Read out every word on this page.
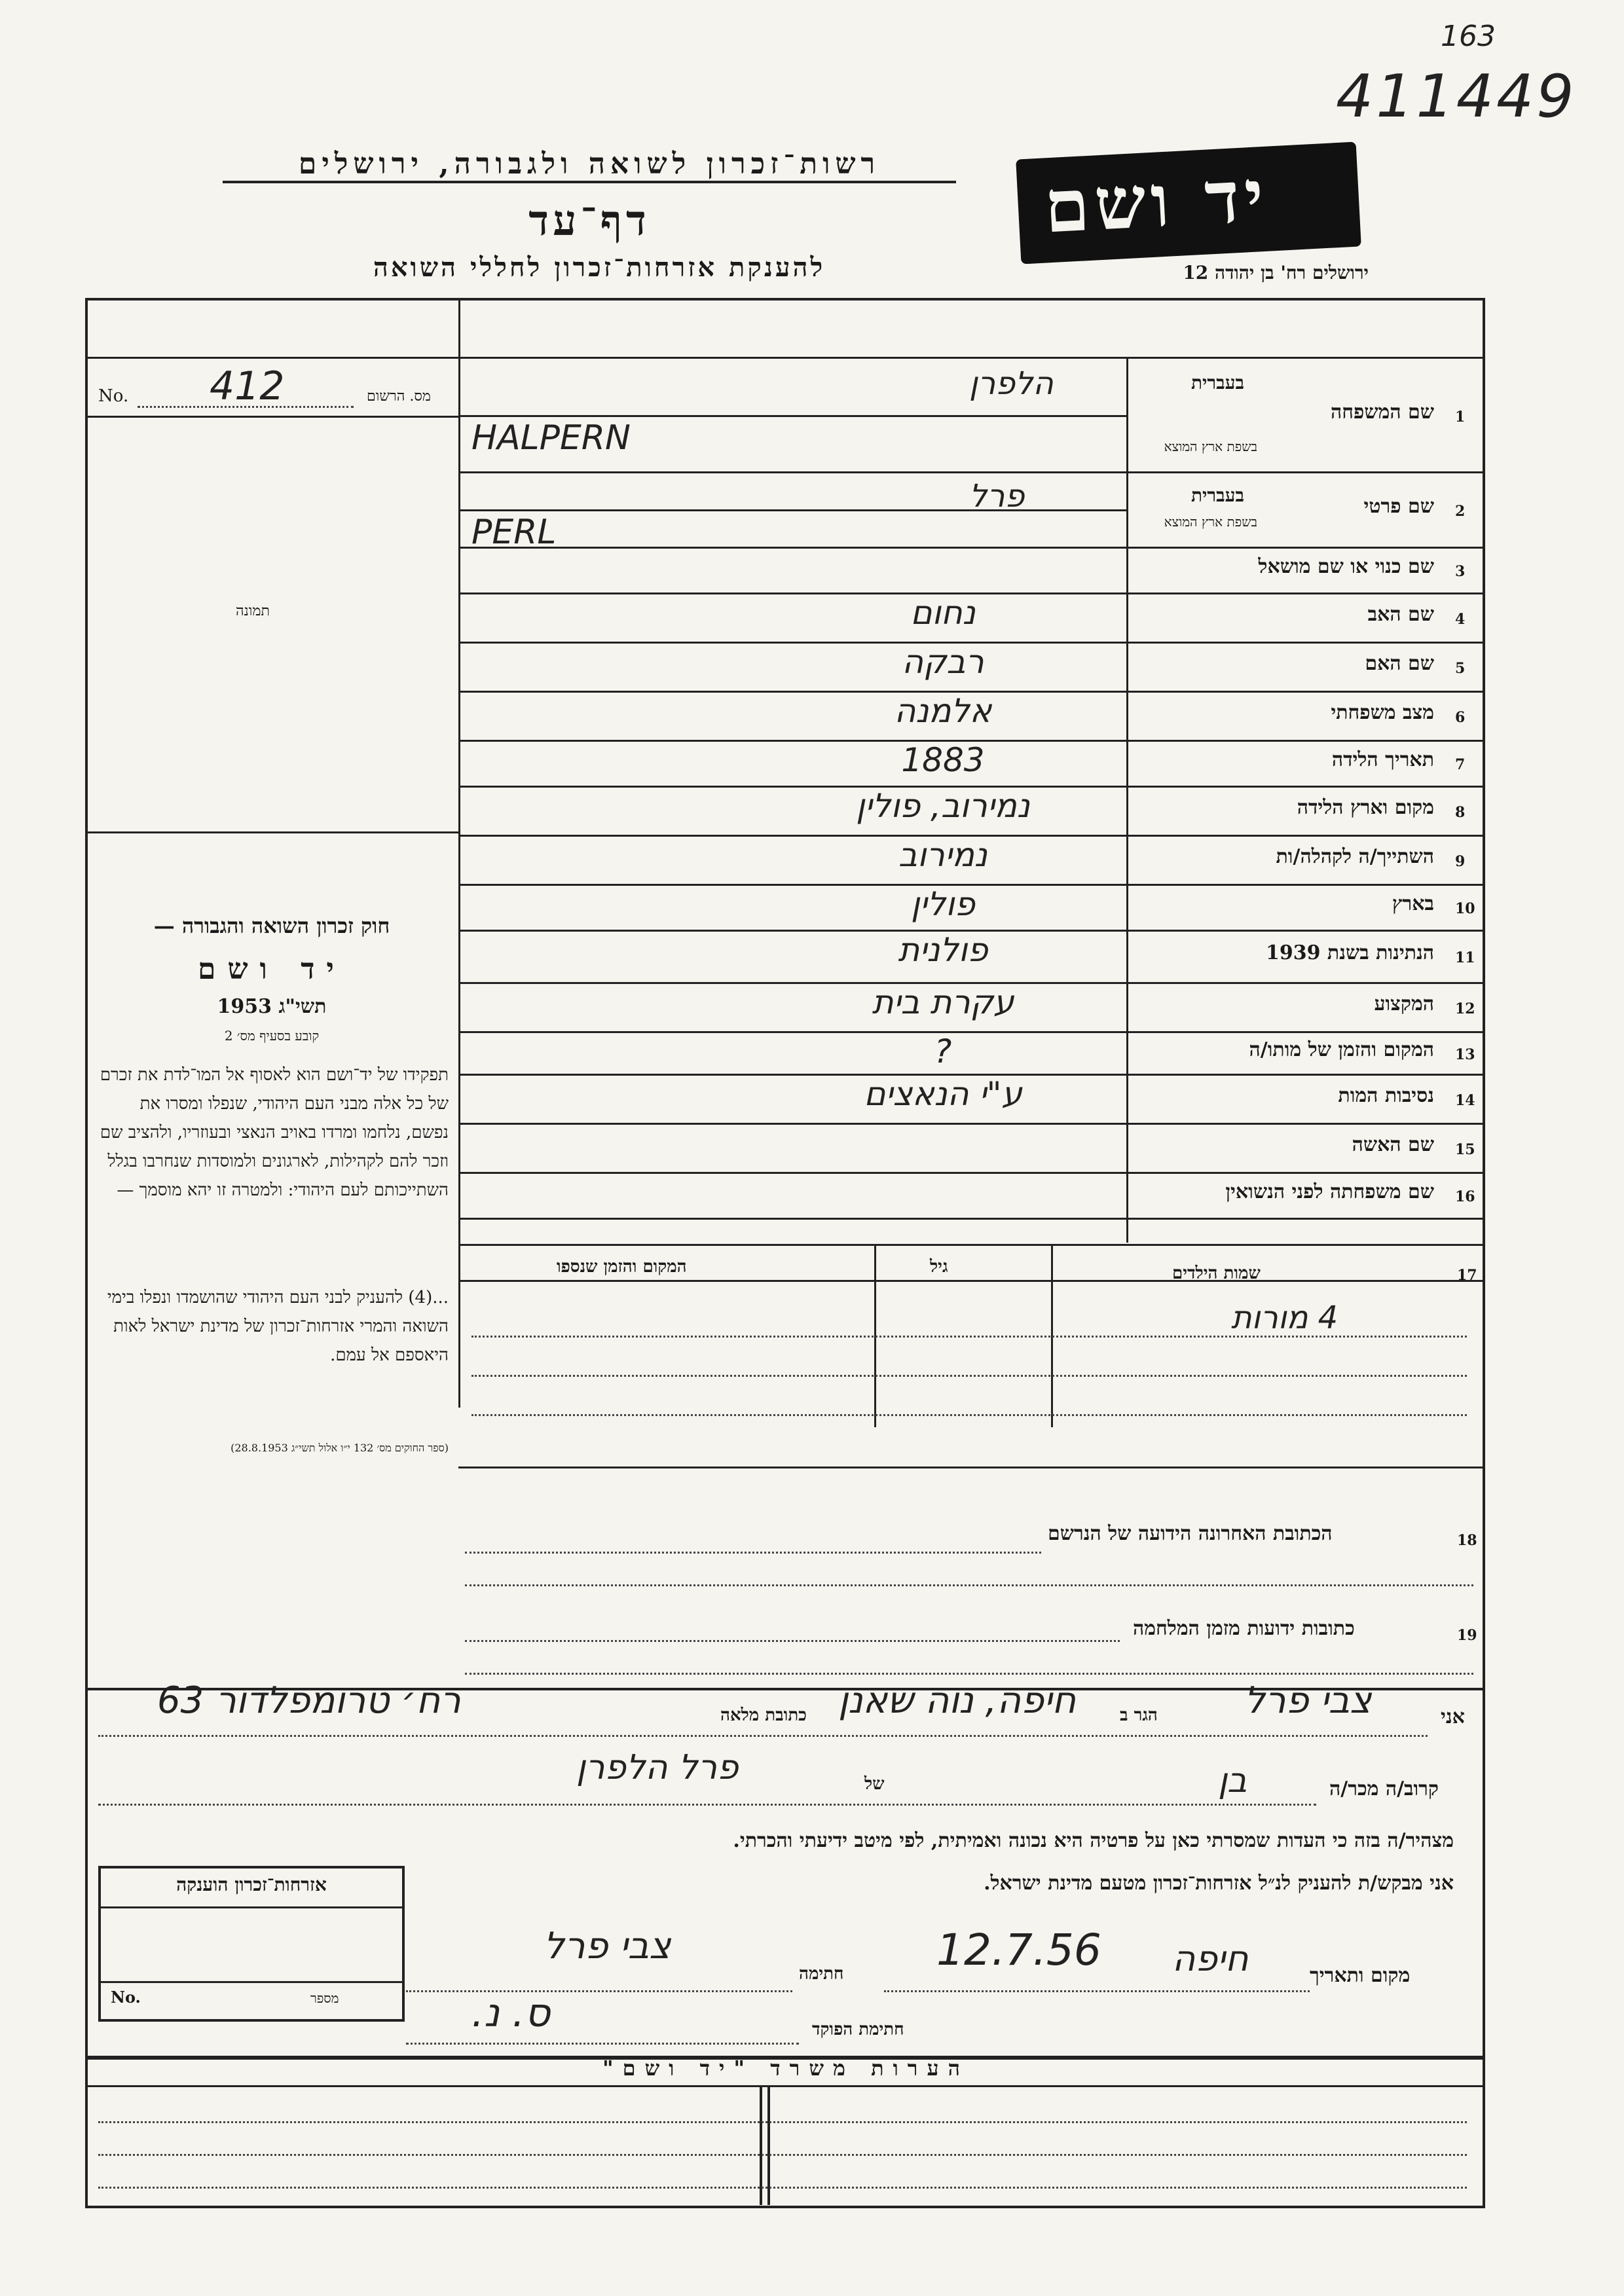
163
411449
רשות־זכרון לשואה ולגבורה, ירושלים
דף־עד
להענקת אזרחות־זכרון לחללי השואה
יד ושם
ירושלים רח' בן יהודה 12
No. 412	מס. הרשום
תמונה
חוק זכרון השואה והגבורה —
יד ושם
תשי"ג 1953
קובע בסעיף מס׳ 2
תפקידו של יד־ושם הוא לאסוף אל המו־לדת את זכרם של כל אלה מבני העם היהודי, שנפלו ומסרו את נפשם, נלחמו ומרדו באויב הנאצי ובעוזריו, ולהציב שם וזכר להם לקהילות, לארגונים ולמוסדות שנחרבו בגלל השתייכותם לעם היהודי: ולמטרה זו יהא מוסמך —
...(4) להעניק לבני העם היהודי שהושמדו ונפלו בימי השואה והמרי אזרחות־זכרון של מדינת ישראל לאות היאספם אל עמם.
(ספר החוקים מס׳ 132 י״ו אלול תשי״ג 28.8.1953)
1
שם המשפחה
בעברית
בשפת ארץ המוצא
הלפרן
HALPERN
2
שם פרטי
בעברית
בשפת ארץ המוצא
פרל
PERL
3
שם כנוי או שם מושאל
4
שם האב
נחום
5
שם האם
רבקה
6
מצב משפחתי
אלמנה
7
תאריך הלידה
1883
8
מקום וארץ הלידה
נמירוב, פולין
9
השתייך/ה לקהלה/ות
נמירוב
10
בארץ
פולין
11
הנתינות בשנת 1939
פולנית
12
המקצוע
עקרת בית
13
המקום והזמן של מותו/ה
?
14
נסיבות המות
ע"י הנאצים
15
שם האשה
16
שם משפחתה לפני הנשואין
17
שמות הילדים
גיל
המקום והזמן שנספו
4 מורות
18
הכתובת האחרונה הידועה של הנרשם
19
כתובות ידועות מזמן המלחמה
אני
צבי פרל
הגר ב
חיפה, נוה שאנן
כתובת מלאה
רח׳ טרומפלדור 63
קרוב/ה מכר/ה
בן
של
פרל הלפרן
מצהיר/ה בזה כי העדות שמסרתי כאן על פרטיה היא נכונה ואמיתית, לפי מיטב ידיעתי והכרתי.
אני מבקש/ת להעניק לנ״ל אזרחות־זכרון מטעם מדינת ישראל.
מקום ותאריך
חיפה
12.7.56
חתימה
צבי פרל
חתימת הפוקד
ס. נ.
אזרחות־זכרון הוענקה
No.	מספר
הערות משרד "יד ושם"
